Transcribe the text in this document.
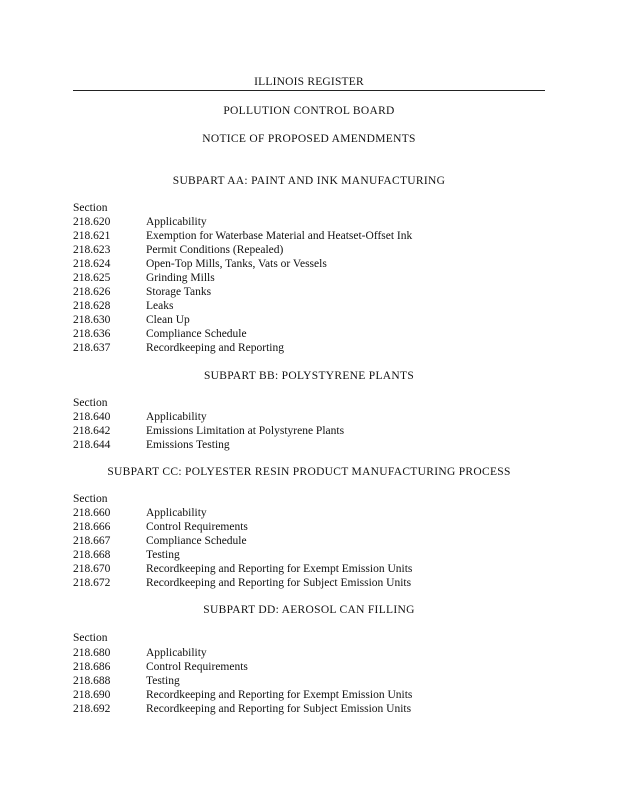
ILLINOIS REGISTER
POLLUTION CONTROL BOARD
NOTICE OF PROPOSED AMENDMENTS
SUBPART AA: PAINT AND INK MANUFACTURING
Section
218.620	Applicability
218.621	Exemption for Waterbase Material and Heatset-Offset Ink
218.623	Permit Conditions (Repealed)
218.624	Open-Top Mills, Tanks, Vats or Vessels
218.625	Grinding Mills
218.626	Storage Tanks
218.628	Leaks
218.630	Clean Up
218.636	Compliance Schedule
218.637	Recordkeeping and Reporting
SUBPART BB: POLYSTYRENE PLANTS
Section
218.640	Applicability
218.642	Emissions Limitation at Polystyrene Plants
218.644	Emissions Testing
SUBPART CC: POLYESTER RESIN PRODUCT MANUFACTURING PROCESS
Section
218.660	Applicability
218.666	Control Requirements
218.667	Compliance Schedule
218.668	Testing
218.670	Recordkeeping and Reporting for Exempt Emission Units
218.672	Recordkeeping and Reporting for Subject Emission Units
SUBPART DD: AEROSOL CAN FILLING
Section
218.680	Applicability
218.686	Control Requirements
218.688	Testing
218.690	Recordkeeping and Reporting for Exempt Emission Units
218.692	Recordkeeping and Reporting for Subject Emission Units
